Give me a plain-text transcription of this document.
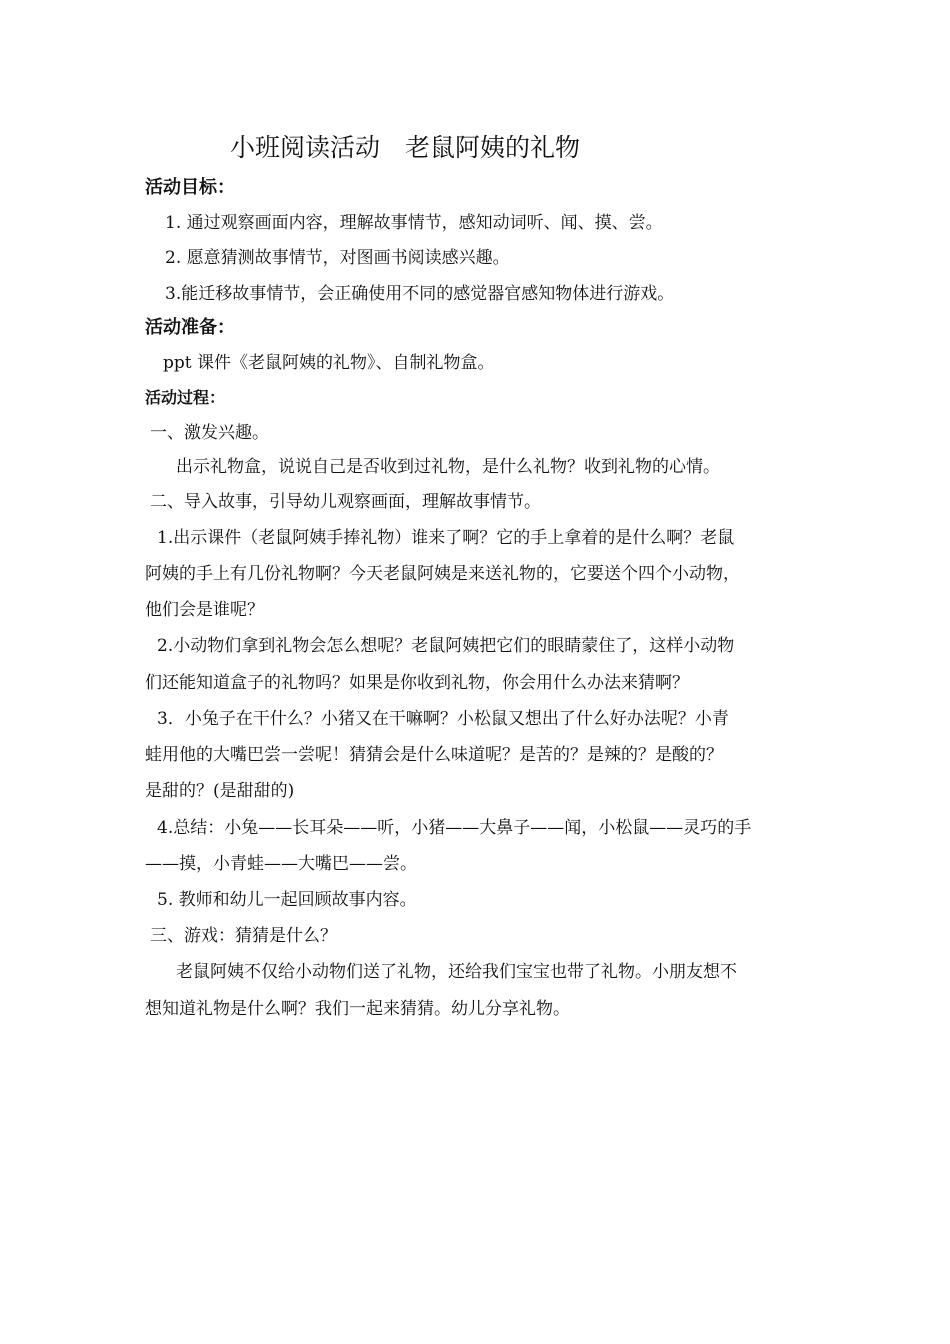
小班阅读活动　老鼠阿姨的礼物
活动目标：
1. 通过观察画面内容，理解故事情节，感知动词听、闻、摸、尝。
2. 愿意猜测故事情节，对图画书阅读感兴趣。
3.能迁移故事情节，会正确使用不同的感觉器官感知物体进行游戏。
活动准备：
ppt 课件《老鼠阿姨的礼物》、自制礼物盒。
活动过程：
一、激发兴趣。
出示礼物盒，说说自己是否收到过礼物，是什么礼物？收到礼物的心情。
二、导入故事，引导幼儿观察画面，理解故事情节。
1.出示课件（老鼠阿姨手捧礼物）谁来了啊？它的手上拿着的是什么啊？老鼠
阿姨的手上有几份礼物啊？今天老鼠阿姨是来送礼物的，它要送个四个小动物，
他们会是谁呢？
2.小动物们拿到礼物会怎么想呢？老鼠阿姨把它们的眼睛蒙住了，这样小动物
们还能知道盒子的礼物吗？如果是你收到礼物，你会用什么办法来猜啊？
3．小兔子在干什么？小猪又在干嘛啊？小松鼠又想出了什么好办法呢？小青
蛙用他的大嘴巴尝一尝呢！猜猜会是什么味道呢？是苦的？是辣的？是酸的？
是甜的？(是甜甜的)
4.总结：小兔——长耳朵——听，小猪——大鼻子——闻，小松鼠——灵巧的手
——摸，小青蛙——大嘴巴——尝。
5. 教师和幼儿一起回顾故事内容。
三、游戏：猜猜是什么？
老鼠阿姨不仅给小动物们送了礼物，还给我们宝宝也带了礼物。小朋友想不
想知道礼物是什么啊？我们一起来猜猜。幼儿分享礼物。
